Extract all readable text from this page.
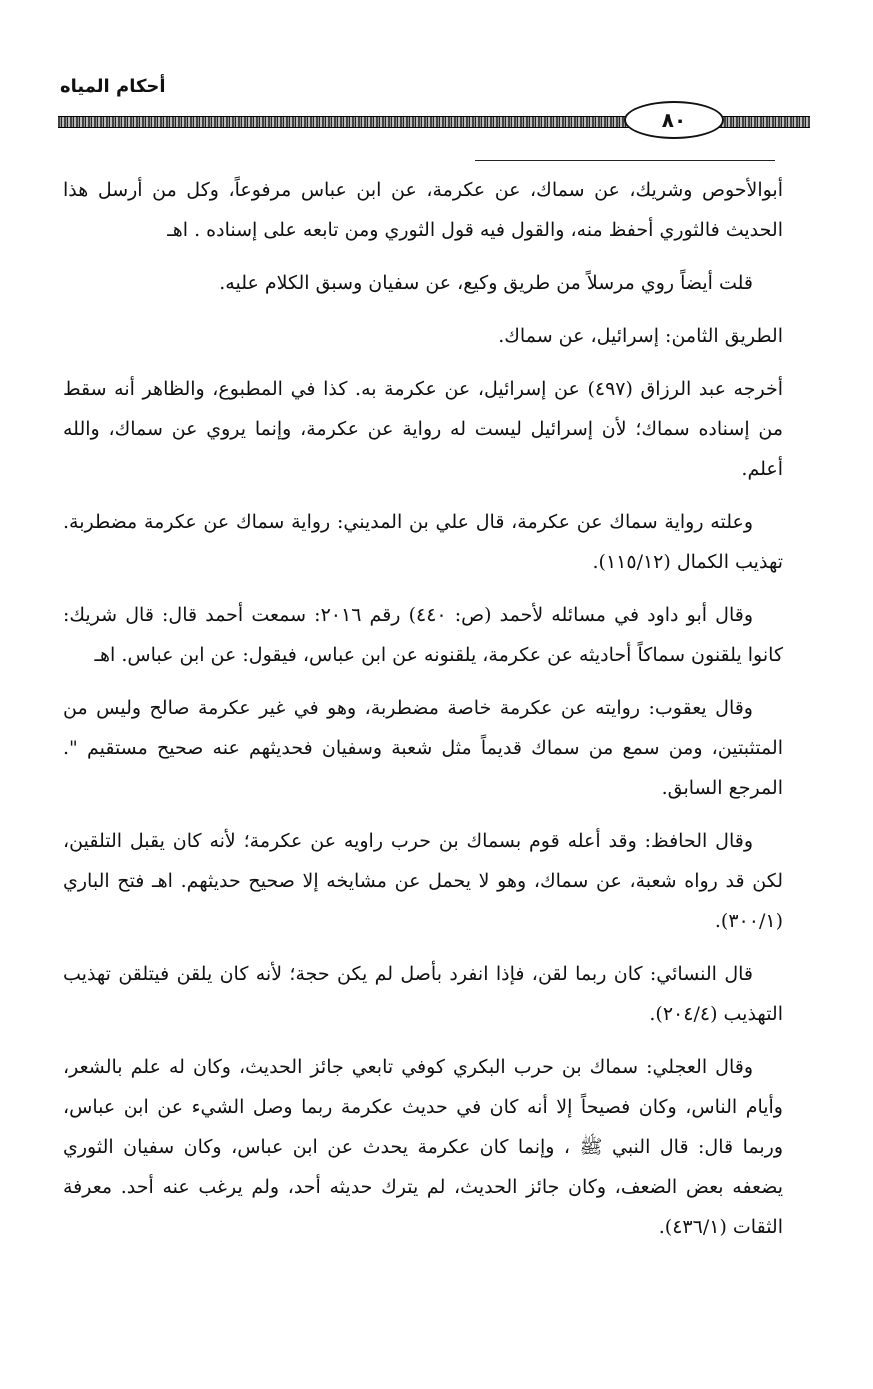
أحكام المياه
٨٠

أبوالأحوص وشريك، عن سماك، عن عكرمة، عن ابن عباس مرفوعاً، وكل من أرسل هذا الحديث فالثوري أحفظ منه، والقول فيه قول الثوري ومن تابعه على إسناده . اهـ

قلت أيضاً روي مرسلاً من طريق وكيع، عن سفيان وسبق الكلام عليه.

الطريق الثامن: إسرائيل، عن سماك.

أخرجه عبد الرزاق (٤٩٧) عن إسرائيل، عن عكرمة به. كذا في المطبوع، والظاهر أنه سقط من إسناده سماك؛ لأن إسرائيل ليست له رواية عن عكرمة، وإنما يروي عن سماك، والله أعلم.

وعلته رواية سماك عن عكرمة، قال علي بن المديني: رواية سماك عن عكرمة مضطربة. تهذيب الكمال (١١٥/١٢).

وقال أبو داود في مسائله لأحمد (ص: ٤٤٠) رقم ٢٠١٦: سمعت أحمد قال: قال شريك: كانوا يلقنون سماكاً أحاديثه عن عكرمة، يلقنونه عن ابن عباس، فيقول: عن ابن عباس. اهـ

وقال يعقوب: روايته عن عكرمة خاصة مضطربة، وهو في غير عكرمة صالح وليس من المتثبتين، ومن سمع من سماك قديماً مثل شعبة وسفيان فحديثهم عنه صحيح مستقيم ". المرجع السابق.

وقال الحافظ: وقد أعله قوم بسماك بن حرب راويه عن عكرمة؛ لأنه كان يقبل التلقين، لكن قد رواه شعبة، عن سماك، وهو لا يحمل عن مشايخه إلا صحيح حديثهم. اهـ فتح الباري (٣٠٠/١).

قال النسائي: كان ربما لقن، فإذا انفرد بأصل لم يكن حجة؛ لأنه كان يلقن فيتلقن تهذيب التهذيب (٢٠٤/٤).

وقال العجلي: سماك بن حرب البكري كوفي تابعي جائز الحديث، وكان له علم بالشعر، وأيام الناس، وكان فصيحاً إلا أنه كان في حديث عكرمة ربما وصل الشيء عن ابن عباس، وربما قال: قال النبي ﷺ ، وإنما كان عكرمة يحدث عن ابن عباس، وكان سفيان الثوري يضعفه بعض الضعف، وكان جائز الحديث، لم يترك حديثه أحد، ولم يرغب عنه أحد. معرفة الثقات (٤٣٦/١).
